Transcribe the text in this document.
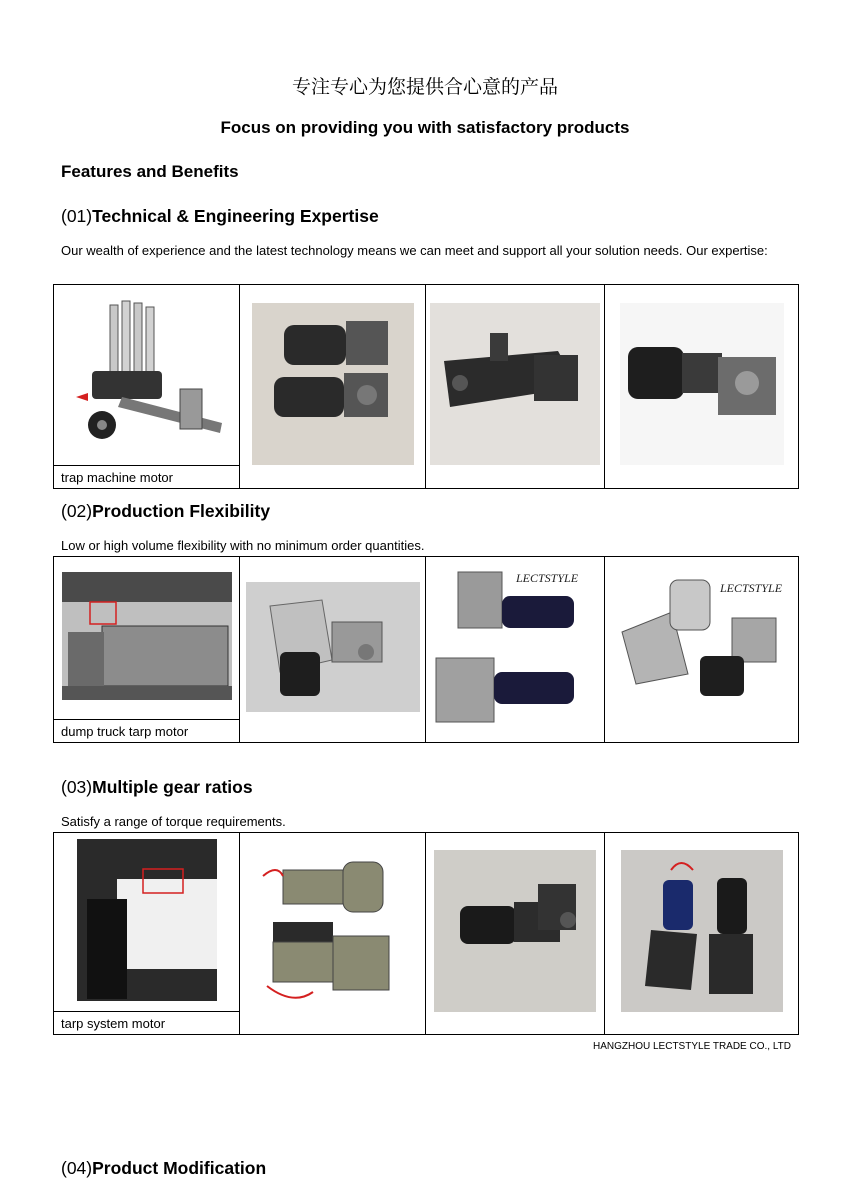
专注专心为您提供合心意的产品
Focus on providing you with satisfactory products
Features and Benefits
(01)Technical & Engineering Expertise
Our wealth of experience and the latest technology means we can meet and support all your solution needs. Our expertise:

trap machine motor
(02)Production Flexibility
Low or high volume flexibility with no minimum order quantities.

LECTSTYLE

LECTSTYLE

dump truck tarp motor
(03)Multiple gear ratios
Satisfy a range of torque requirements.

tarp system motor
HANGZHOU LECTSTYLE TRADE CO., LTD
(04)Product Modification
